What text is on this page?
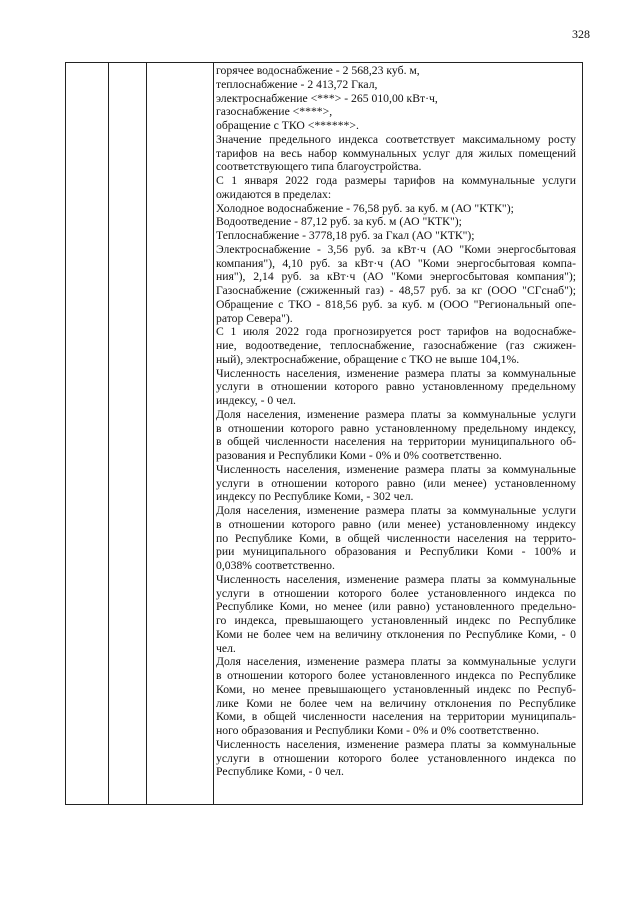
328
горячее водоснабжение - 2 568,23 куб. м,
теплоснабжение - 2 413,72 Гкал,
электроснабжение <***> - 265 010,00 кВт·ч,
газоснабжение <****>,
обращение с ТКО <******>.
Значение предельного индекса соответствует максимальному росту
тарифов на весь набор коммунальных услуг для жилых помещений
соответствующего типа благоустройства.
С 1 января 2022 года размеры тарифов на коммунальные услуги
ожидаются в пределах:
Холодное водоснабжение - 76,58 руб. за куб. м (АО "КТК");
Водоотведение - 87,12 руб. за куб. м (АО "КТК");
Теплоснабжение - 3778,18 руб. за Гкал (АО "КТК");
Электроснабжение - 3,56 руб. за кВт·ч (АО "Коми энергосбытовая
компания"), 4,10 руб. за кВт·ч (АО "Коми энергосбытовая компа-
ния"), 2,14 руб. за кВт·ч (АО "Коми энергосбытовая компания");
Газоснабжение (сжиженный газ) - 48,57 руб. за кг (ООО "СГснаб");
Обращение с ТКО - 818,56 руб. за куб. м (ООО "Региональный опе-
ратор Севера").
С 1 июля 2022 года прогнозируется рост тарифов на водоснабже-
ние, водоотведение, теплоснабжение, газоснабжение (газ сжижен-
ный), электроснабжение, обращение с ТКО не выше 104,1%.
Численность населения, изменение размера платы за коммунальные
услуги в отношении которого равно установленному предельному
индексу, - 0 чел.
Доля населения, изменение размера платы за коммунальные услуги
в отношении которого равно установленному предельному индексу,
в общей численности населения на территории муниципального об-
разования и Республики Коми - 0% и 0% соответственно.
Численность населения, изменение размера платы за коммунальные
услуги в отношении которого равно (или менее) установленному
индексу по Республике Коми, - 302 чел.
Доля населения, изменение размера платы за коммунальные услуги
в отношении которого равно (или менее) установленному индексу
по Республике Коми, в общей численности населения на террито-
рии муниципального образования и Республики Коми - 100% и
0,038% соответственно.
Численность населения, изменение размера платы за коммунальные
услуги в отношении которого более установленного индекса по
Республике Коми, но менее (или равно) установленного предельно-
го индекса, превышающего установленный индекс по Республике
Коми не более чем на величину отклонения по Республике Коми, - 0
чел.
Доля населения, изменение размера платы за коммунальные услуги
в отношении которого более установленного индекса по Республике
Коми, но менее превышающего установленный индекс по Респуб-
лике Коми не более чем на величину отклонения по Республике
Коми, в общей численности населения на территории муниципаль-
ного образования и Республики Коми - 0% и 0% соответственно.
Численность населения, изменение размера платы за коммунальные
услуги в отношении которого более установленного индекса по
Республике Коми, - 0 чел.
